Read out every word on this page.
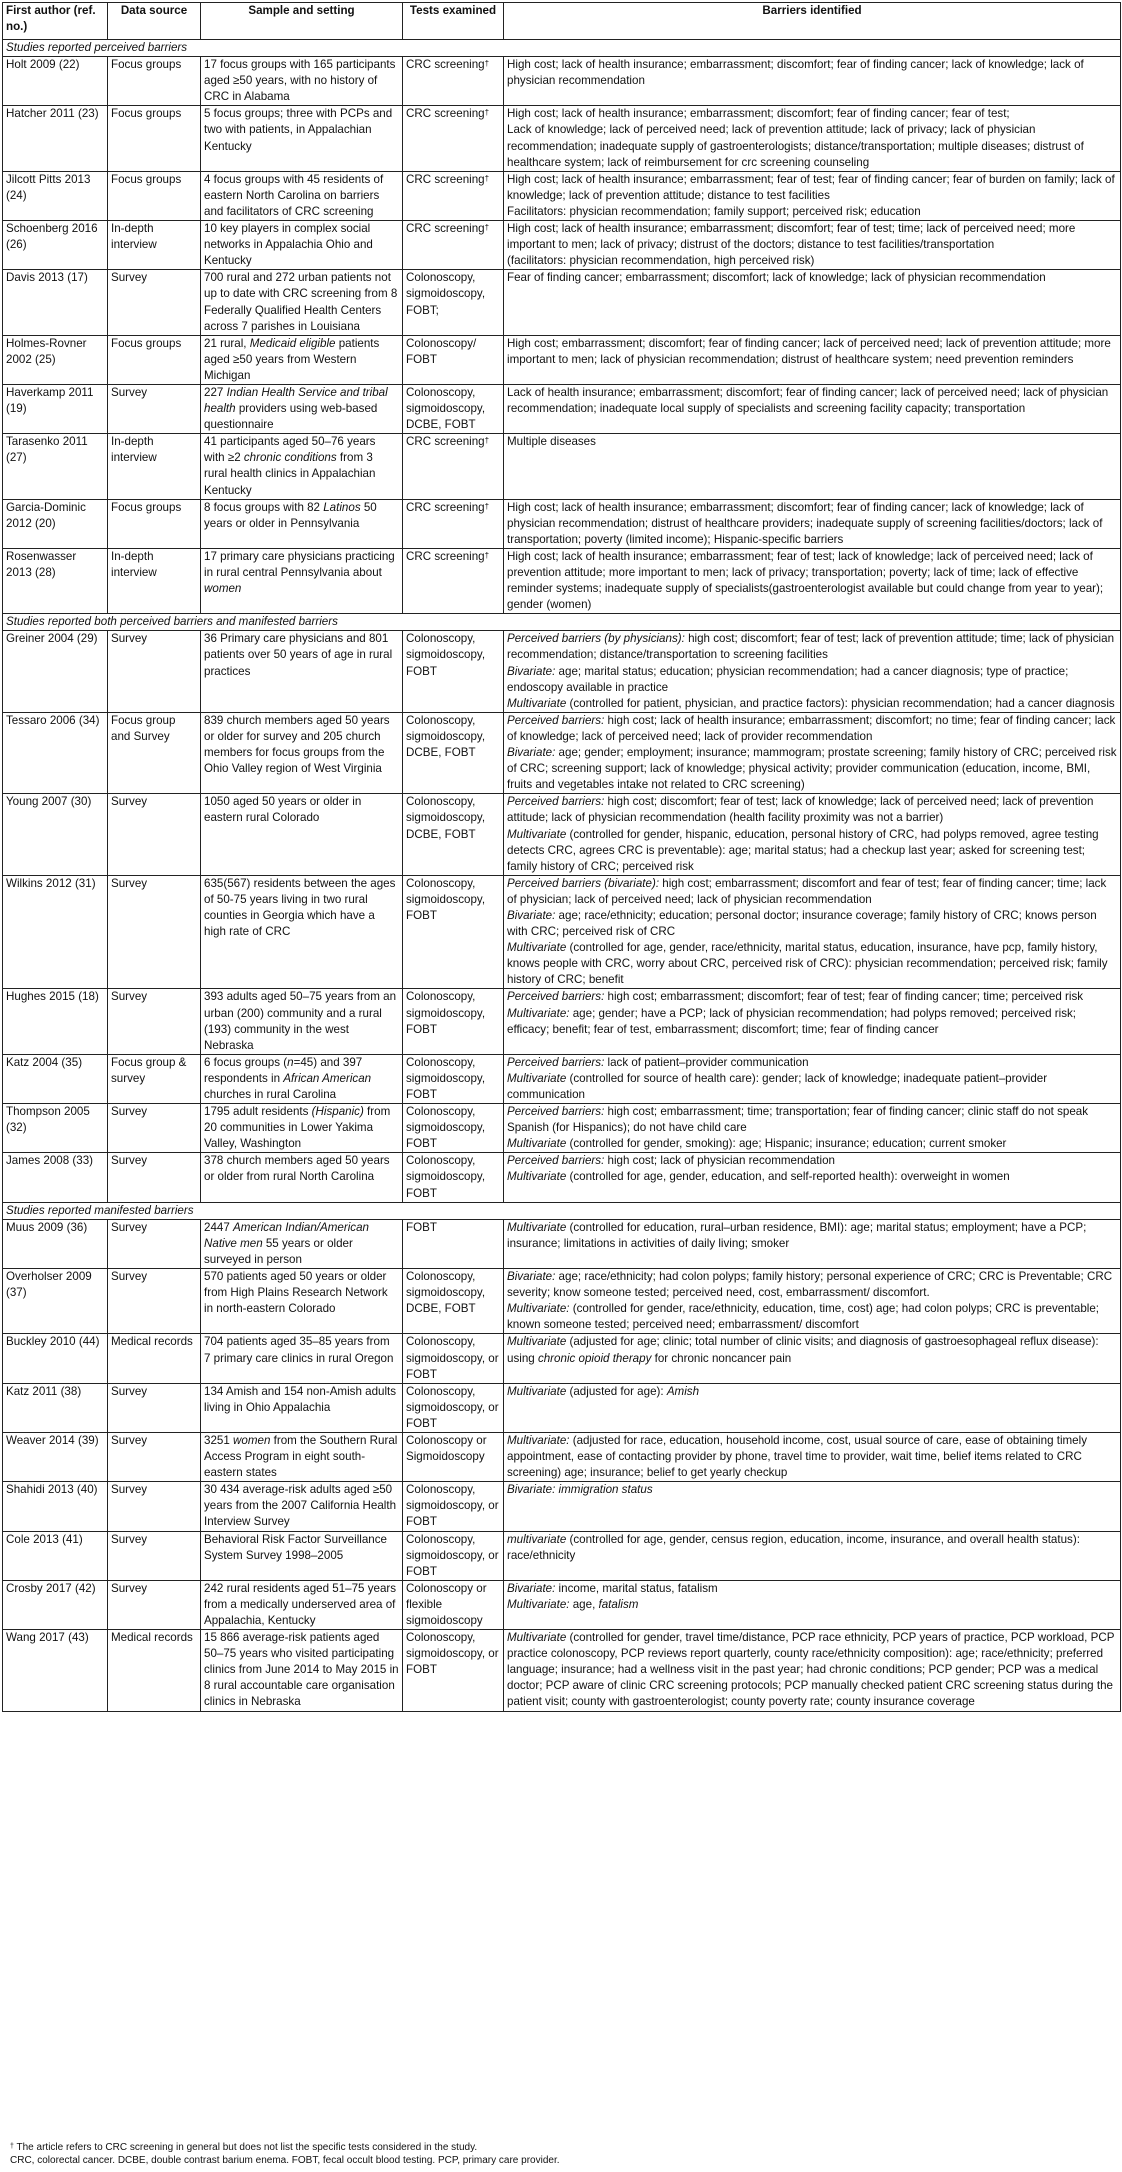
First author (ref. no.)	Data source	Sample and setting	Tests examined	Barriers identified
Studies reported perceived barriers				
Holt 2009 (22)	Focus groups	17 focus groups with 165 participants aged ≥50 years, with no history of CRC in Alabama	CRC screening†	High cost; lack of health insurance; embarrassment; discomfort; fear of finding cancer; lack of knowledge; lack of physician recommendation

Hatcher 2011 (23)	Focus groups	5 focus groups; three with PCPs and two with patients, in Appalachian Kentucky	CRC screening†	High cost; lack of health insurance; embarrassment; discomfort; fear of finding cancer; fear of test;
Lack of knowledge; lack of perceived need; lack of prevention attitude; lack of privacy; lack of physician recommendation; inadequate supply of gastroenterologists; distance/transportation; multiple diseases; distrust of healthcare system; lack of reimbursement for crc screening counseling

Jilcott Pitts 2013 (24)	Focus groups	4 focus groups with 45 residents of eastern North Carolina on barriers and facilitators of CRC screening	CRC screening†	High cost; lack of health insurance; embarrassment; fear of test; fear of finding cancer; fear of burden on family; lack of knowledge; lack of prevention attitude; distance to test facilities
Facilitators: physician recommendation; family support; perceived risk; education

Schoenberg 2016 (26)	In-depth interview	10 key players in complex social networks in Appalachia Ohio and Kentucky	CRC screening†	High cost; lack of health insurance; embarrassment; discomfort; fear of test; time; lack of perceived need; more important to men; lack of privacy; distrust of the doctors; distance to test facilities/transportation
(facilitators: physician recommendation, high perceived risk)

Davis 2013 (17)	Survey	700 rural and 272 urban patients not up to date with CRC screening from 8 Federally Qualified Health Centers across 7 parishes in Louisiana	Colonoscopy, sigmoidoscopy, FOBT;	Fear of finding cancer; embarrassment; discomfort; lack of knowledge; lack of physician recommendation

Holmes-Rovner 2002 (25)	Focus groups	21 rural, Medicaid eligible patients aged ≥50 years from Western Michigan	Colonoscopy/ FOBT	High cost; embarrassment; discomfort; fear of finding cancer; lack of perceived need; lack of prevention attitude; more important to men; lack of physician recommendation; distrust of healthcare system; need prevention reminders

Haverkamp 2011 (19)	Survey	227 Indian Health Service and tribal health providers using web-based questionnaire	Colonoscopy, sigmoidoscopy, DCBE, FOBT	Lack of health insurance; embarrassment; discomfort; fear of finding cancer; lack of perceived need; lack of physician recommendation; inadequate local supply of specialists and screening facility capacity; transportation

Tarasenko 2011 (27)	In-depth interview	41 participants aged 50–76 years with ≥2 chronic conditions from 3 rural health clinics in Appalachian Kentucky	CRC screening†	Multiple diseases

Garcia-Dominic 2012 (20)	Focus groups	8 focus groups with 82 Latinos 50 years or older in Pennsylvania	CRC screening†	High cost; lack of health insurance; embarrassment; discomfort; fear of finding cancer; lack of knowledge; lack of physician recommendation; distrust of healthcare providers; inadequate supply of screening facilities/doctors; lack of transportation; poverty (limited income); Hispanic-specific barriers

Rosenwasser 2013 (28)	In-depth interview	17 primary care physicians practicing in rural central Pennsylvania about women	CRC screening†	High cost; lack of health insurance; embarrassment; fear of test; lack of knowledge; lack of perceived need; lack of prevention attitude; more important to men; lack of privacy; transportation; poverty; lack of time; lack of effective reminder systems; inadequate supply of specialists(gastroenterologist available but could change from year to year); gender (women)

Studies reported both perceived barriers and manifested barriers				
Greiner 2004 (29)	Survey	36 Primary care physicians and 801 patients over 50 years of age in rural practices	Colonoscopy, sigmoidoscopy, FOBT	Perceived barriers (by physicians): high cost; discomfort; fear of test; lack of prevention attitude; time; lack of physician recommendation; distance/transportation to screening facilities
Bivariate: age; marital status; education; physician recommendation; had a cancer diagnosis; type of practice; endoscopy available in practice
Multivariate (controlled for patient, physician, and practice factors): physician recommendation; had a cancer diagnosis

Tessaro 2006 (34)	Focus group and Survey	839 church members aged 50 years or older for survey and 205 church members for focus groups from the Ohio Valley region of West Virginia	Colonoscopy, sigmoidoscopy, DCBE, FOBT	Perceived barriers: high cost; lack of health insurance; embarrassment; discomfort; no time; fear of finding cancer; lack of knowledge; lack of perceived need; lack of provider recommendation
Bivariate: age; gender; employment; insurance; mammogram; prostate screening; family history of CRC; perceived risk of CRC; screening support; lack of knowledge; physical activity; provider communication (education, income, BMI, fruits and vegetables intake not related to CRC screening)

Young 2007 (30)	Survey	1050 aged 50 years or older in eastern rural Colorado	Colonoscopy, sigmoidoscopy, DCBE, FOBT	Perceived barriers: high cost; discomfort; fear of test; lack of knowledge; lack of perceived need; lack of prevention attitude; lack of physician recommendation (health facility proximity was not a barrier)
Multivariate (controlled for gender, hispanic, education, personal history of CRC, had polyps removed, agree testing detects CRC, agrees CRC is preventable): age; marital status; had a checkup last year; asked for screening test; family history of CRC; perceived risk

Wilkins 2012 (31)	Survey	635(567) residents between the ages of 50-75 years living in two rural counties in Georgia which have a high rate of CRC	Colonoscopy, sigmoidoscopy, FOBT	Perceived barriers (bivariate): high cost; embarrassment; discomfort and fear of test; fear of finding cancer; time; lack of physician; lack of perceived need; lack of physician recommendation
Bivariate: age; race/ethnicity; education; personal doctor; insurance coverage; family history of CRC; knows person with CRC; perceived risk of CRC
Multivariate (controlled for age, gender, race/ethnicity, marital status, education, insurance, have pcp, family history, knows people with CRC, worry about CRC, perceived risk of CRC): physician recommendation; perceived risk; family history of CRC; benefit

Hughes 2015 (18)	Survey	393 adults aged 50–75 years from an urban (200) community and a rural (193) community in the west Nebraska	Colonoscopy, sigmoidoscopy, FOBT	Perceived barriers: high cost; embarrassment; discomfort; fear of test; fear of finding cancer; time; perceived risk
Multivariate: age; gender; have a PCP; lack of physician recommendation; had polyps removed; perceived risk; efficacy; benefit; fear of test, embarrassment; discomfort; time; fear of finding cancer

Katz 2004 (35)	Focus group & survey	6 focus groups (n=45) and 397 respondents in African American churches in rural Carolina	Colonoscopy, sigmoidoscopy, FOBT	Perceived barriers: lack of patient–provider communication
Multivariate (controlled for source of health care): gender; lack of knowledge; inadequate patient–provider communication

Thompson 2005 (32)	Survey	1795 adult residents (Hispanic) from 20 communities in Lower Yakima Valley, Washington	Colonoscopy, sigmoidoscopy, FOBT	Perceived barriers: high cost; embarrassment; time; transportation; fear of finding cancer; clinic staff do not speak Spanish (for Hispanics); do not have child care
Multivariate (controlled for gender, smoking): age; Hispanic; insurance; education; current smoker

James 2008 (33)	Survey	378 church members aged 50 years or older from rural North Carolina	Colonoscopy, sigmoidoscopy, FOBT	Perceived barriers: high cost; lack of physician recommendation
Multivariate (controlled for age, gender, education, and self-reported health): overweight in women

Studies reported manifested barriers				
Muus 2009 (36)	Survey	2447 American Indian/American Native men 55 years or older surveyed in person	FOBT	Multivariate (controlled for education, rural–urban residence, BMI): age; marital status; employment; have a PCP; insurance; limitations in activities of daily living; smoker

Overholser 2009 (37)	Survey	570 patients aged 50 years or older from High Plains Research Network in north-eastern Colorado	Colonoscopy, sigmoidoscopy, DCBE, FOBT	Bivariate: age; race/ethnicity; had colon polyps; family history; personal experience of CRC; CRC is Preventable; CRC severity; know someone tested; perceived need, cost, embarrassment/ discomfort.
Multivariate: (controlled for gender, race/ethnicity, education, time, cost) age; had colon polyps; CRC is preventable; known someone tested; perceived need; embarrassment/ discomfort

Buckley 2010 (44)	Medical records	704 patients aged 35–85 years from 7 primary care clinics in rural Oregon	Colonoscopy, sigmoidoscopy, or FOBT	Multivariate (adjusted for age; clinic; total number of clinic visits; and diagnosis of gastroesophageal reflux disease): using chronic opioid therapy for chronic noncancer pain

Katz 2011 (38)	Survey	134 Amish and 154 non-Amish adults living in Ohio Appalachia	Colonoscopy, sigmoidoscopy, or FOBT	Multivariate (adjusted for age): Amish

Weaver 2014 (39)	Survey	3251 women from the Southern Rural Access Program in eight south-eastern states	Colonoscopy or Sigmoidoscopy	Multivariate: (adjusted for race, education, household income, cost, usual source of care, ease of obtaining timely appointment, ease of contacting provider by phone, travel time to provider, wait time, belief items related to CRC screening) age; insurance; belief to get yearly checkup

Shahidi 2013 (40)	Survey	30 434 average-risk adults aged ≥50 years from the 2007 California Health Interview Survey	Colonoscopy, sigmoidoscopy, or FOBT	Bivariate: immigration status

Cole 2013 (41)	Survey	Behavioral Risk Factor Surveillance System Survey 1998–2005	Colonoscopy, sigmoidoscopy, or FOBT	multivariate (controlled for age, gender, census region, education, income, insurance, and overall health status): race/ethnicity

Crosby 2017 (42)	Survey	242 rural residents aged 51–75 years from a medically underserved area of Appalachia, Kentucky	Colonoscopy or flexible sigmoidoscopy	Bivariate: income, marital status, fatalism
Multivariate: age, fatalism

Wang 2017 (43)	Medical records	15 866 average-risk patients aged 50–75 years who visited participating clinics from June 2014 to May 2015 in 8 rural accountable care organisation clinics in Nebraska	Colonoscopy, sigmoidoscopy, or FOBT	Multivariate (controlled for gender, travel time/distance, PCP race ethnicity, PCP years of practice, PCP workload, PCP practice colonoscopy, PCP reviews report quarterly, county race/ethnicity composition): age; race/ethnicity; preferred language; insurance; had a wellness visit in the past year; had chronic conditions; PCP gender; PCP was a medical doctor; PCP aware of clinic CRC screening protocols; PCP manually checked patient CRC screening status during the patient visit; county with gastroenterologist; county poverty rate; county insurance coverage
† The article refers to CRC screening in general but does not list the specific tests considered in the study.
CRC, colorectal cancer. DCBE, double contrast barium enema. FOBT, fecal occult blood testing. PCP, primary care provider.
